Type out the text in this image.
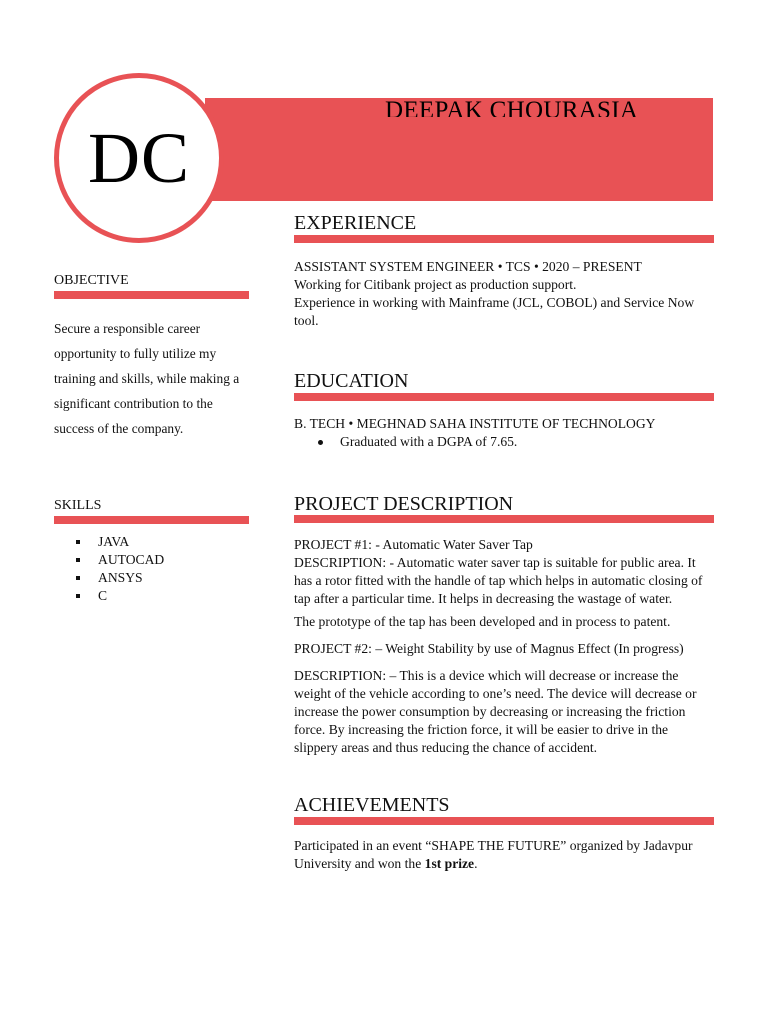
DEEPAK CHOURASIA
DC
OBJECTIVE
Secure a responsible career opportunity to fully utilize my training and skills, while making a significant contribution to the success of the company.
SKILLS
JAVA
AUTOCAD
ANSYS
C
EXPERIENCE

ASSISTANT SYSTEM ENGINEER • TCS • 2020 – PRESENT

Working for Citibank project as production support.

Experience in working with Mainframe (JCL, COBOL) and Service Now tool.

EDUCATION

B. TECH • MEGHNAD SAHA INSTITUTE OF TECHNOLOGY

Graduated with a DGPA of 7.65.

PROJECT DESCRIPTION

PROJECT #1: - Automatic Water Saver Tap

DESCRIPTION: - Automatic water saver tap is suitable for public area. It has a rotor fitted with the handle of tap which helps in automatic closing of tap after a particular time. It helps in decreasing the wastage of water.

The prototype of the tap has been developed and in process to patent.

PROJECT #2: – Weight Stability by use of Magnus Effect (In progress)

DESCRIPTION: – This is a device which will decrease or increase the weight of the vehicle according to one’s need. The device will decrease or increase the power consumption by decreasing or increasing the friction force. By increasing the friction force, it will be easier to drive in the slippery areas and thus reducing the chance of accident.

ACHIEVEMENTS
Participated in an event “SHAPE THE FUTURE” organized by Jadavpur University and won the 1st prize.
